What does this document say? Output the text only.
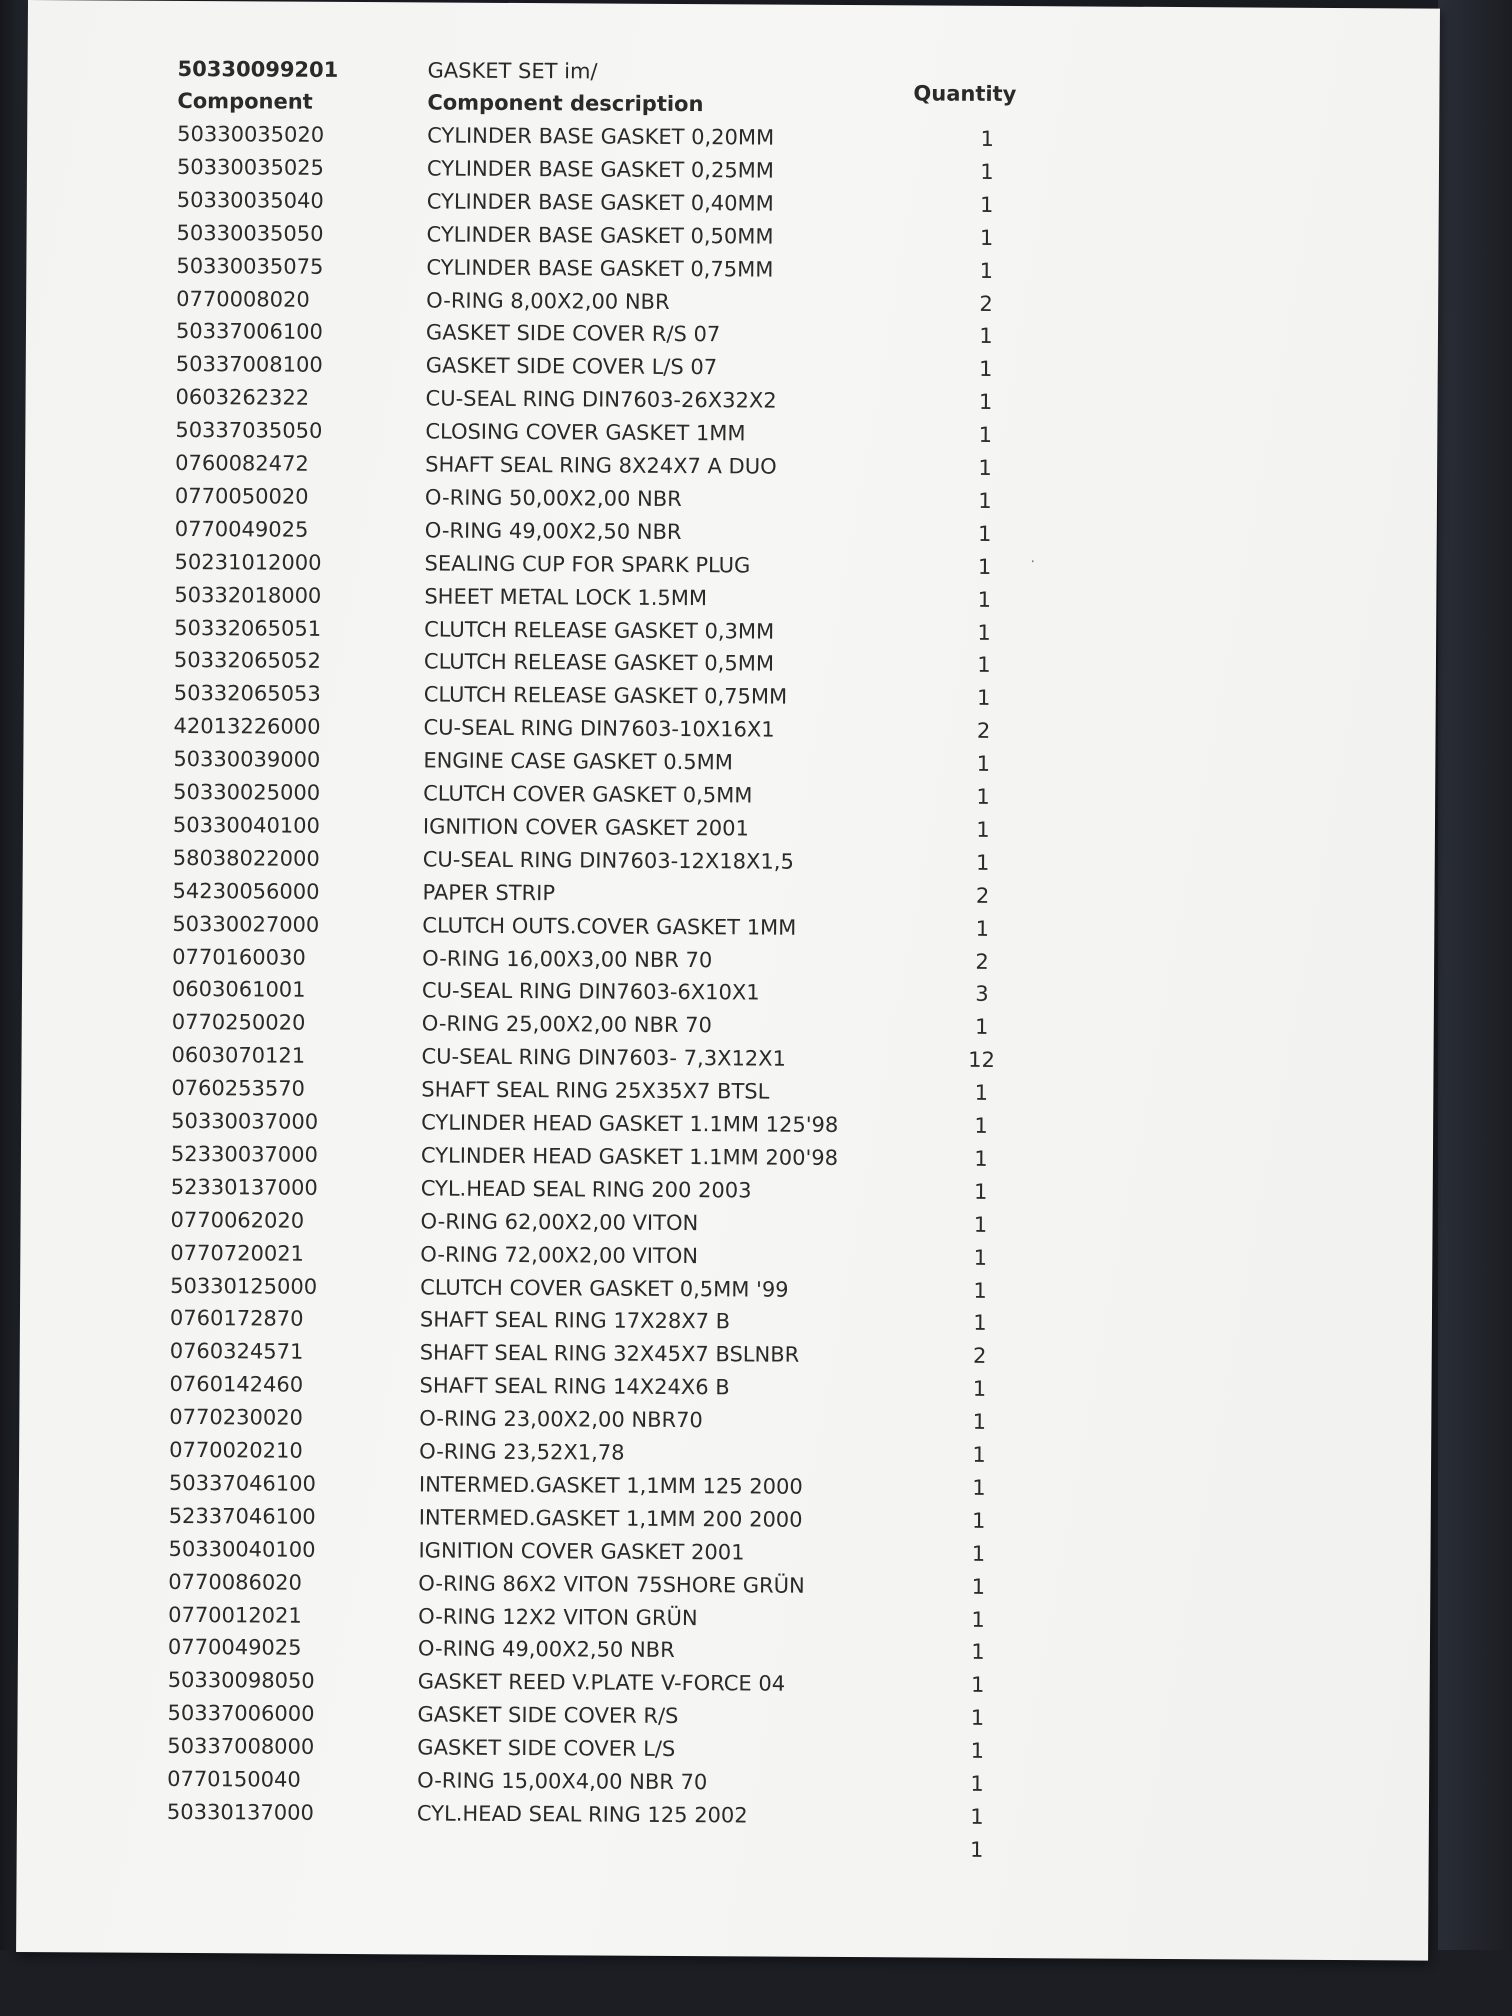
50330099201	GASKET SET im/
Component	Component description	Quantity
50330035020	CYLINDER BASE GASKET 0,20MM	1
50330035025	CYLINDER BASE GASKET 0,25MM	1
50330035040	CYLINDER BASE GASKET 0,40MM	1
50330035050	CYLINDER BASE GASKET 0,50MM	1
50330035075	CYLINDER BASE GASKET 0,75MM	1
0770008020	O-RING 8,00X2,00 NBR	2
50337006100	GASKET SIDE COVER R/S 07	1
50337008100	GASKET SIDE COVER L/S 07	1
0603262322	CU-SEAL RING DIN7603-26X32X2	1
50337035050	CLOSING COVER GASKET 1MM	1
0760082472	SHAFT SEAL RING 8X24X7 A DUO	1
0770050020	O-RING 50,00X2,00 NBR	1
0770049025	O-RING 49,00X2,50 NBR	1
50231012000	SEALING CUP FOR SPARK PLUG	1
50332018000	SHEET METAL LOCK 1.5MM	1
50332065051	CLUTCH RELEASE GASKET 0,3MM	1
50332065052	CLUTCH RELEASE GASKET 0,5MM	1
50332065053	CLUTCH RELEASE GASKET 0,75MM	1
42013226000	CU-SEAL RING DIN7603-10X16X1	2
50330039000	ENGINE CASE GASKET 0.5MM	1
50330025000	CLUTCH COVER GASKET 0,5MM	1
50330040100	IGNITION COVER GASKET 2001	1
58038022000	CU-SEAL RING DIN7603-12X18X1,5	1
54230056000	PAPER STRIP	2
50330027000	CLUTCH OUTS.COVER GASKET 1MM	1
0770160030	O-RING 16,00X3,00 NBR 70	2
0603061001	CU-SEAL RING DIN7603-6X10X1	3
0770250020	O-RING 25,00X2,00 NBR 70	1
0603070121	CU-SEAL RING DIN7603- 7,3X12X1	12
0760253570	SHAFT SEAL RING 25X35X7 BTSL	1
50330037000	CYLINDER HEAD GASKET 1.1MM 125'98	1
52330037000	CYLINDER HEAD GASKET 1.1MM 200'98	1
52330137000	CYL.HEAD SEAL RING 200 2003	1
0770062020	O-RING 62,00X2,00 VITON	1
0770720021	O-RING 72,00X2,00 VITON	1
50330125000	CLUTCH COVER GASKET 0,5MM '99	1
0760172870	SHAFT SEAL RING 17X28X7 B	1
0760324571	SHAFT SEAL RING 32X45X7 BSLNBR	2
0760142460	SHAFT SEAL RING 14X24X6 B	1
0770230020	O-RING 23,00X2,00 NBR70	1
0770020210	O-RING 23,52X1,78	1
50337046100	INTERMED.GASKET 1,1MM 125 2000	1
52337046100	INTERMED.GASKET 1,1MM 200 2000	1
50330040100	IGNITION COVER GASKET 2001	1
0770086020	O-RING 86X2 VITON 75SHORE GRÜN	1
0770012021	O-RING 12X2 VITON GRÜN	1
0770049025	O-RING 49,00X2,50 NBR	1
50330098050	GASKET REED V.PLATE V-FORCE 04	1
50337006000	GASKET SIDE COVER R/S	1
50337008000	GASKET SIDE COVER L/S	1
0770150040	O-RING 15,00X4,00 NBR 70	1
50330137000	CYL.HEAD SEAL RING 125 2002	1
1
·
